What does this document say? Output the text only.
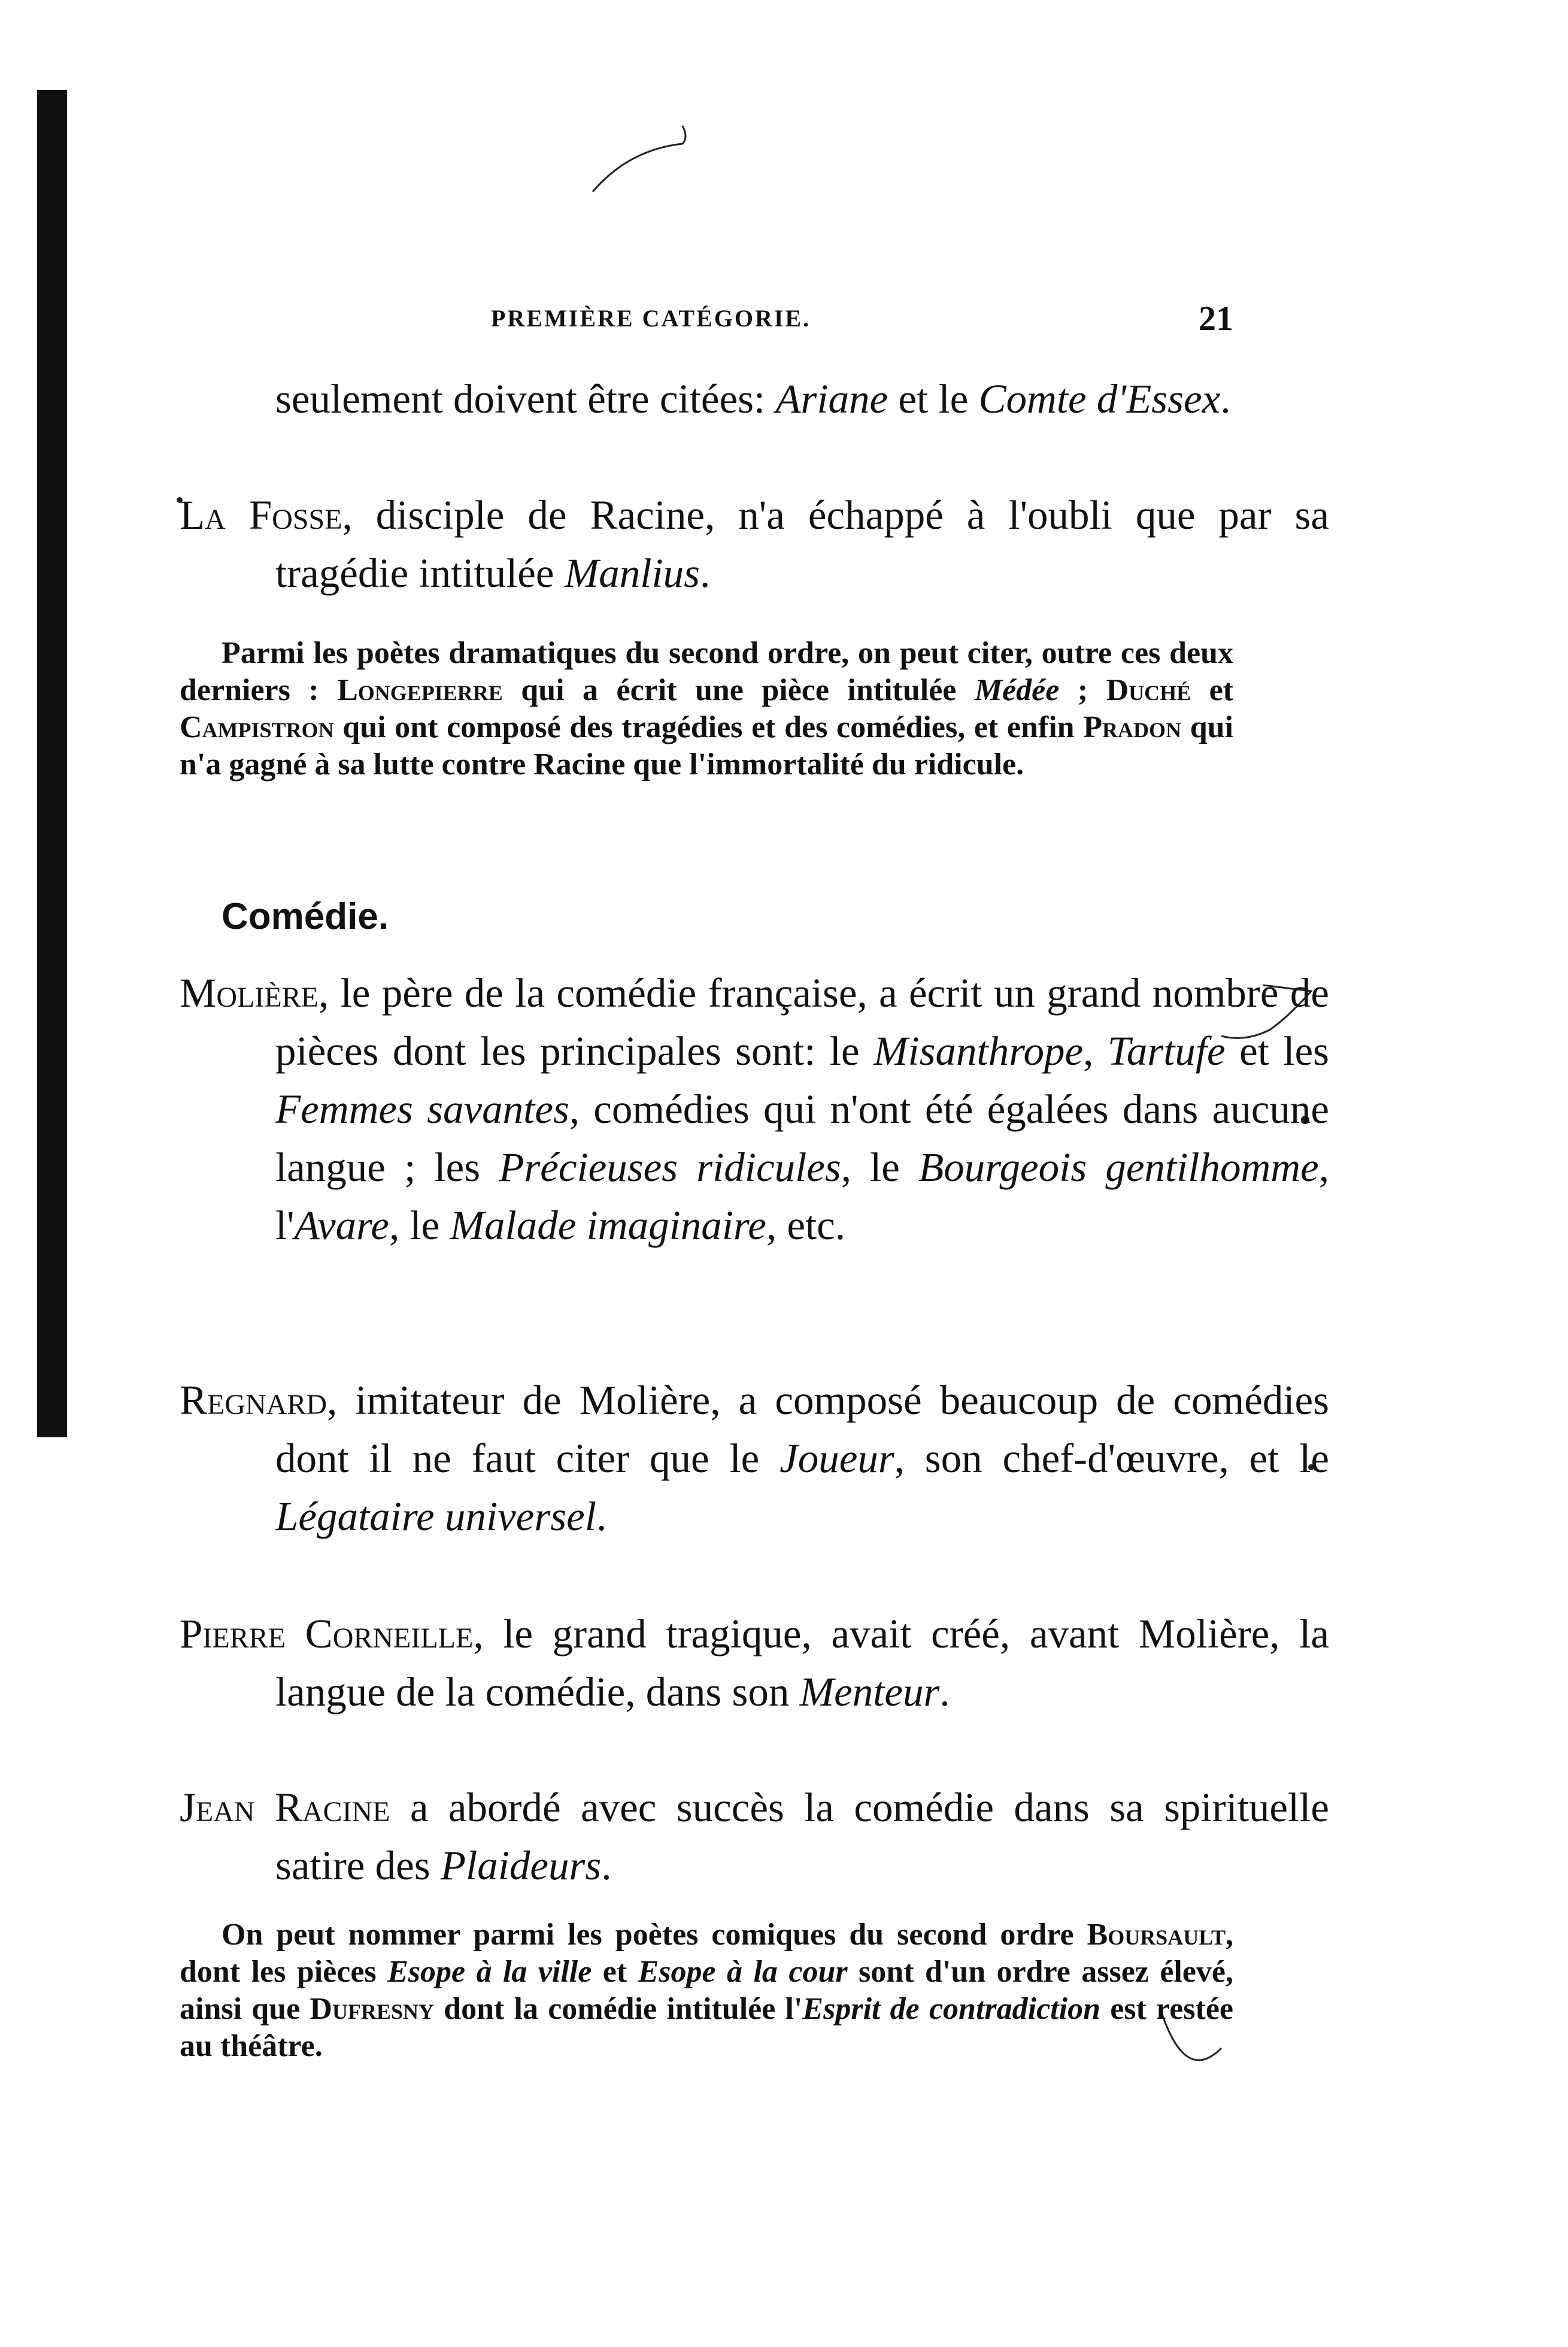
PREMIÈRE CATÉGORIE.	21
seulement doivent être citées: Ariane et le Comte d'Essex.
La Fosse, disciple de Racine, n'a échappé à l'oubli que par sa tragédie intitulée Manlius.
Parmi les poètes dramatiques du second ordre, on peut citer, outre ces deux derniers : Longepierre qui a écrit une pièce intitulée Médée ; Duché et Campistron qui ont composé des tragédies et des comédies, et enfin Pradon qui n'a gagné à sa lutte contre Racine que l'immortalité du ridicule.
Comédie.
Molière, le père de la comédie française, a écrit un grand nombre de pièces dont les principales sont: le Misanthrope, Tartufe et les Femmes savantes, comédies qui n'ont été égalées dans aucune langue ; les Précieuses ridicules, le Bourgeois gentilhomme, l'Avare, le Malade imaginaire, etc.
Regnard, imitateur de Molière, a composé beaucoup de comédies dont il ne faut citer que le Joueur, son chef-d'œuvre, et le Légataire universel.
Pierre Corneille, le grand tragique, avait créé, avant Molière, la langue de la comédie, dans son Menteur.
Jean Racine a abordé avec succès la comédie dans sa spirituelle satire des Plaideurs.
On peut nommer parmi les poètes comiques du second ordre Boursault, dont les pièces Esope à la ville et Esope à la cour sont d'un ordre assez élevé, ainsi que Dufresny dont la comédie intitulée l'Esprit de contradiction est restée au théâtre.
